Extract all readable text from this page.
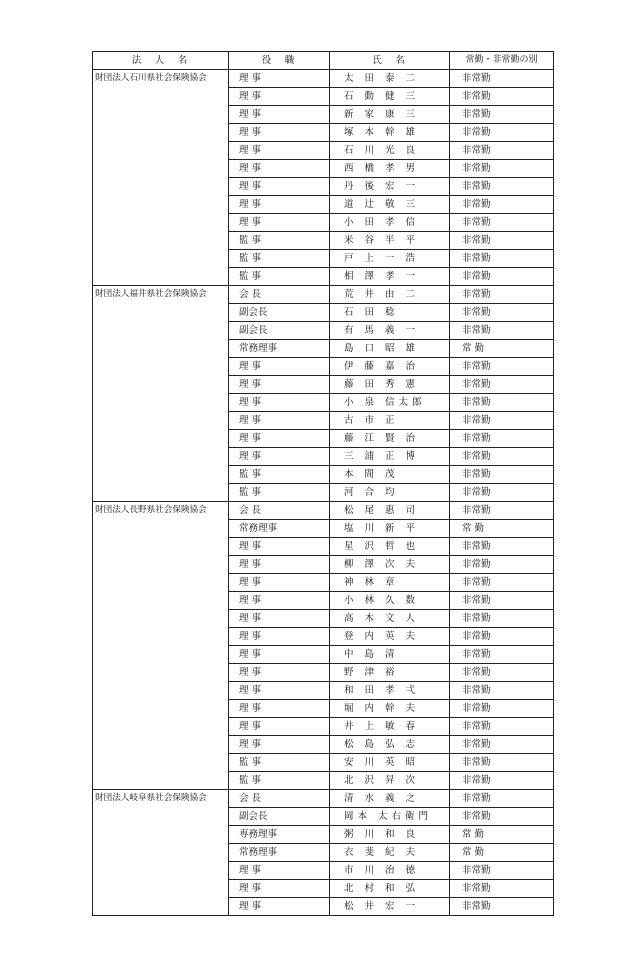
法　人　名	役　職	氏　名	常勤・非常勤の別
財団法人石川県社会保険協会	理 事	太 田 泰 二	非常勤
	理 事	石 動 健 三	非常勤
	理 事	新 家 康 三	非常勤
	理 事	塚 本 幹 雄	非常勤
	理 事	石 川 光 良	非常勤
	理 事	西 橋 孝 男	非常勤
	理 事	丹 後 宏 一	非常勤
	理 事	道 辻 敬 三	非常勤
	理 事	小 田 孝 信	非常勤
	監 事	米 谷 半 平	非常勤
	監 事	戸 上 一 浩	非常勤
	監 事	相 澤 孝 一	非常勤
財団法人福井県社会保険協会	会 長	荒 井 由 二	非常勤
	副会長	石 田 稔	非常勤
	副会長	有 馬 義 一	非常勤
	常務理事	島 口 昭 雄	常 勤
	理 事	伊 藤 嘉 治	非常勤
	理 事	藤 田 秀 憲	非常勤
	理 事	小 泉 信太郎	非常勤
	理 事	古 市 正	非常勤
	理 事	藤 江 賢 治	非常勤
	理 事	三 浦 正 博	非常勤
	監 事	本 間 茂	非常勤
	監 事	河 合 均	非常勤
財団法人長野県社会保険協会	会 長	松 尾 惠 司	非常勤
	常務理事	塩 川 新 平	常 勤
	理 事	星 沢 哲 也	非常勤
	理 事	柳 澤 次 夫	非常勤
	理 事	神 林 章	非常勤
	理 事	小 林 久 数	非常勤
	理 事	高 木 文 人	非常勤
	理 事	登 内 英 夫	非常勤
	理 事	中 島 清	非常勤
	理 事	野 津 裕	非常勤
	理 事	和 田 孝 弌	非常勤
	理 事	堀 内 幹 夫	非常勤
	理 事	井 上 敏 春	非常勤
	理 事	松 島 弘 志	非常勤
	監 事	安 川 英 昭	非常勤
	監 事	北 沢 昇 次	非常勤
財団法人岐阜県社会保険協会	会 長	清 水 義 之	非常勤
	副会長	岡本 太右衛門	非常勤
	専務理事	粥 川 和 良	常 勤
	常務理事	衣 斐 紀 夫	常 勤
	理 事	市 川 治 徳	非常勤
	理 事	北 村 和 弘	非常勤
	理 事	松 井 宏 一	非常勤
